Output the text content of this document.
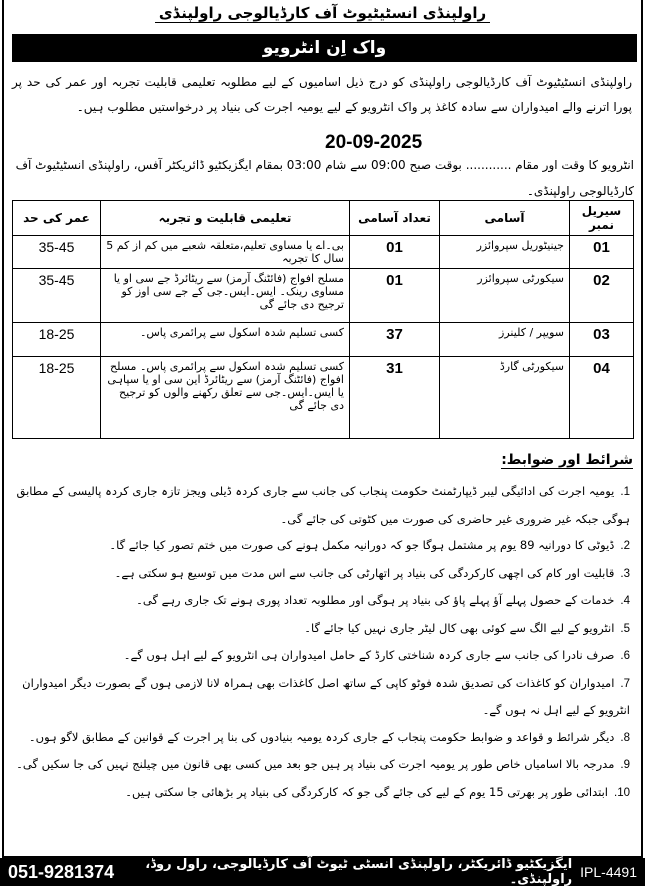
راولپنڈی انسٹیٹیوٹ آف کارڈیالوجی راولپنڈی
واک اِن انٹرویو

راولپنڈی انسٹیٹیوٹ آف کارڈیالوجی راولپنڈی کو درج ذیل اسامیوں کے لیے مطلوبہ تعلیمی قابلیت تجربہ اور عمر کی حد پر پورا اترنے والے امیدواران سے سادہ کاغذ پر واک انٹرویو کے لیے یومیہ اجرت کی بنیاد پر درخواستیں مطلوب ہیں۔

20-09-2025

انٹرویو کا وقت اور مقام ............ بوقت صبح 09:00 سے شام 03:00 بمقام ایگزیکٹیو ڈائریکٹر آفس، راولپنڈی انسٹیٹیوٹ آف کارڈیالوجی راولپنڈی۔

سیریل نمبر	آسامی	تعداد آسامی	تعلیمی قابلیت و تجربہ	عمر کی حد
01	جینیٹوریل سپروائزر	01	بی۔اے یا مساوی تعلیم،متعلقہ شعبے میں کم از کم 5 سال کا تجربہ	35-45
02	سیکورٹی سپروائزر	01	مسلح افواج (فائٹنگ آرمز) سے ریٹائرڈ جے سی او یا مساوی رینک۔ ایس۔ایس۔جی کے جے سی اوز کو ترجیح دی جائے گی	35-45
03	سویپر / کلینرز	37	کسی تسلیم شدہ اسکول سے پرائمری پاس۔	18-25
04	سیکورٹی گارڈ	31	کسی تسلیم شدہ اسکول سے پرائمری پاس۔ مسلح افواج (فائٹنگ آرمز) سے ریٹائرڈ این سی او یا سپاہی یا ایس۔ایس۔جی سے تعلق رکھنے والوں کو ترجیح دی جائے گی	18-25
شرائط اور ضوابط:
1.یومیہ اجرت کی ادائیگی لیبر ڈیپارٹمنٹ حکومت پنجاب کی جانب سے جاری کردہ ڈیلی ویجز تازہ جاری کردہ پالیسی کے مطابق ہوگی جبکہ غیر ضروری غیر حاضری کی صورت میں کٹوتی کی جائے گی۔
2.ڈیوٹی کا دورانیہ 89 یوم پر مشتمل ہوگا جو کہ دورانیہ مکمل ہونے کی صورت میں ختم تصور کیا جائے گا۔
3.قابلیت اور کام کی اچھی کارکردگی کی بنیاد پر اتھارٹی کی جانب سے اس مدت میں توسیع ہو سکتی ہے۔
4.خدمات کے حصول پہلے آؤ پہلے پاؤ کی بنیاد پر ہوگی اور مطلوبہ تعداد پوری ہونے تک جاری رہے گی۔
5.انٹرویو کے لیے الگ سے کوئی بھی کال لیٹر جاری نہیں کیا جائے گا۔
6.صرف نادرا کی جانب سے جاری کردہ شناختی کارڈ کے حامل امیدواران ہی انٹرویو کے لیے اہل ہوں گے۔
7.امیدواران کو کاغذات کی تصدیق شدہ فوٹو کاپی کے ساتھ اصل کاغذات بھی ہمراہ لانا لازمی ہوں گے بصورت دیگر امیدواران انٹرویو کے لیے اہل نہ ہوں گے۔
8.دیگر شرائط و قواعد و ضوابط حکومت پنجاب کے جاری کردہ یومیہ بنیادوں کی بنا پر اجرت کے قوانین کے مطابق لاگو ہوں۔
9.مدرجہ بالا اسامیاں خاص طور پر یومیہ اجرت کی بنیاد پر ہیں جو بعد میں کسی بھی قانون میں چیلنج نہیں کی جا سکیں گی۔
10.ابتدائی طور پر بھرتی 15 یوم کے لیے کی جائے گی جو کہ کارکردگی کی بنیاد پر بڑھائی جا سکتی ہیں۔
051-9281374	ایگزیکٹیو ڈائریکٹر، راولپنڈی انسٹی ٹیوٹ آف کارڈیالوجی، راول روڈ، راولپنڈی۔ IPL-4491
